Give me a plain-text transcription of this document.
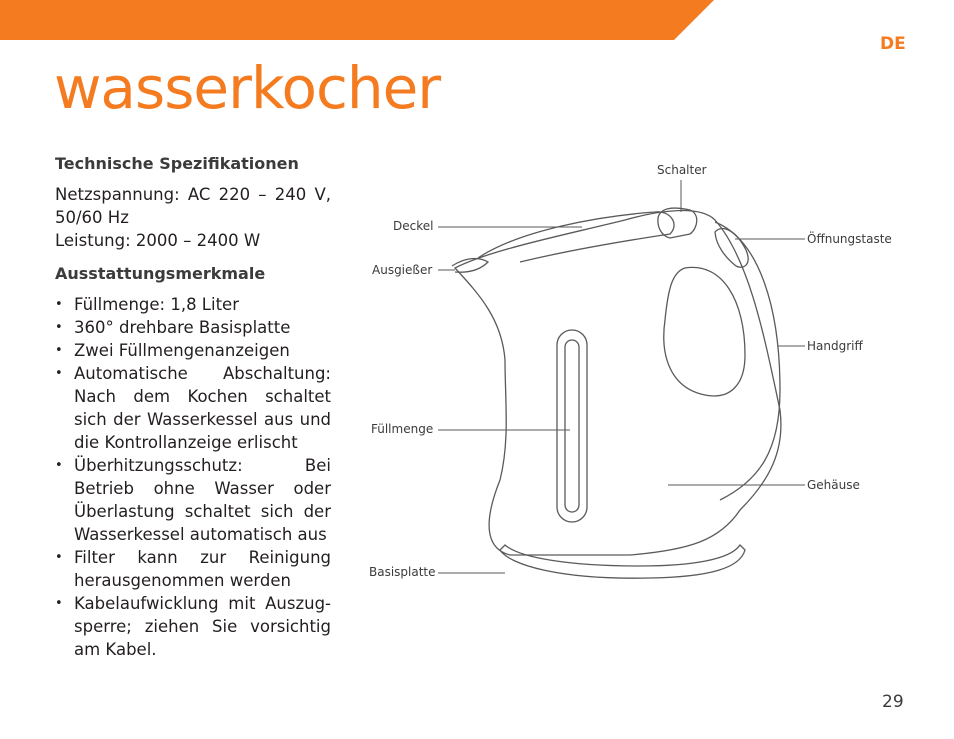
DE
wasserkocher
Technische Spezifikationen
Netzspannung: AC 220 – 240 V, 50/60 Hz
Leistung: 2000 – 2400 W
Ausstattungsmerkmale
• Füllmenge: 1,8 Liter
• 360° drehbare Basisplatte
• Zwei Füllmengenanzeigen
• Automatische Abschaltung: Nach dem Kochen schaltet sich der Wasserkessel aus und die Kontrollanzeige erlischt
• Überhitzungsschutz: Bei Betrieb ohne Wasser oder Überlastung schaltet sich der Wasserkessel automatisch aus
• Filter kann zur Reinigung herausgenommen werden
• Kabelaufwicklung mit Auszug-sperre; ziehen Sie vorsichtig am Kabel.
Schalter
Deckel
Ausgießer
Öffnungstaste
Handgriff
Füllmenge
Gehäuse
Basisplatte
29
